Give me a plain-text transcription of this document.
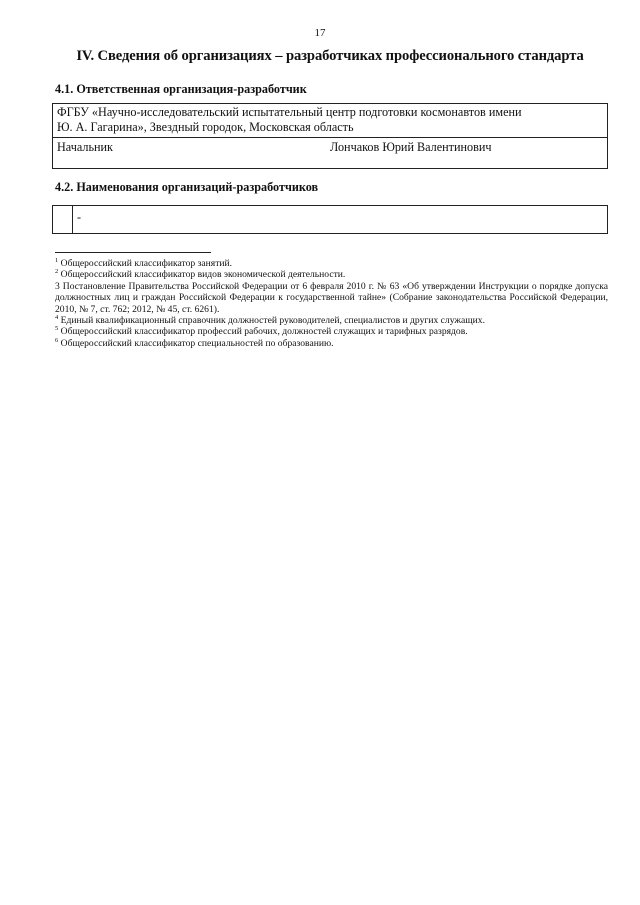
17
IV. Сведения об организациях – разработчиках профессионального стандарта
4.1. Ответственная организация-разработчик
ФГБУ «Научно-исследовательский испытательный центр подготовки космонавтов имени
Ю. А. Гагарина», Звездный городок, Московская область

Начальник	Лончаков Юрий Валентинович
4.2. Наименования организаций-разработчиков
	-

$^1$ Общероссийский классификатор занятий.

$^2$ Общероссийский классификатор видов экономической деятельности.

3 Постановление Правительства Российской Федерации от 6 февраля 2010 г. № 63 «Об утверждении Инструкции о порядке допуска должностных лиц и граждан Российской Федерации к государственной тайне» (Собрание законодательства Российской Федерации, 2010, № 7, ст. 762; 2012, № 45, ст. 6261).

$^4$ Единый квалификационный справочник должностей руководителей, специалистов и других служащих.

$^5$ Общероссийский классификатор профессий рабочих, должностей служащих и тарифных разрядов.

$^6$ Общероссийский классификатор специальностей по образованию.
